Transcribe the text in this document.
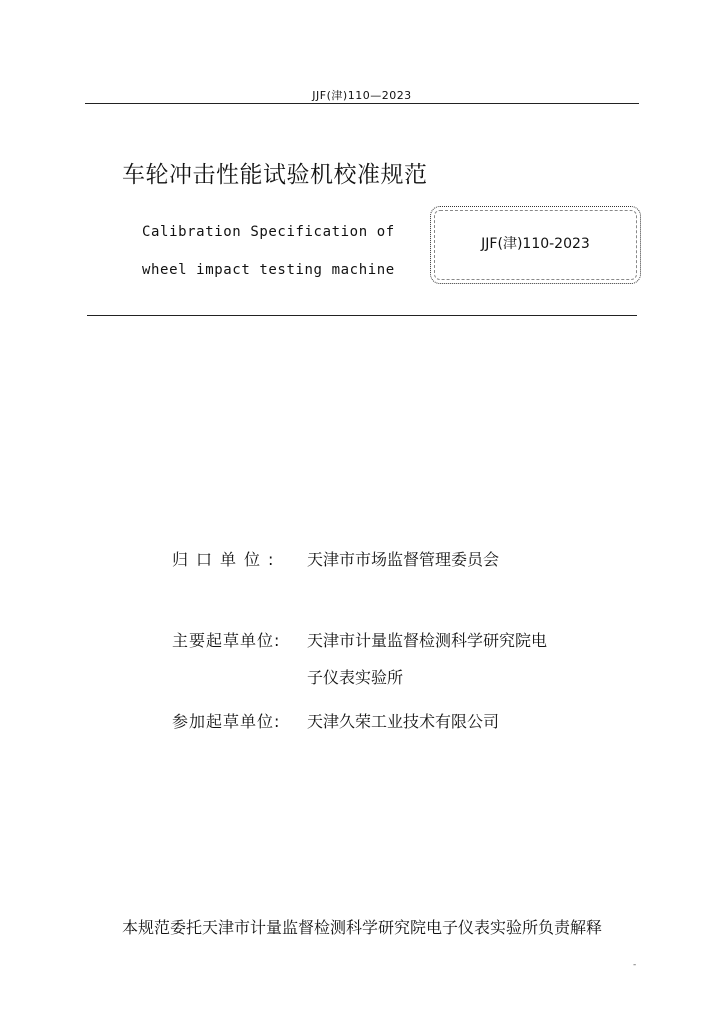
JJF(津)110—2023
车轮冲击性能试验机校准规范
Calibration Specification of
wheel impact testing machine
JJF(津)110-2023
归口单位: 天津市市场监督管理委员会
主要起草单位: 天津市计量监督检测科学研究院电
子仪表实验所
参加起草单位: 天津久荣工业技术有限公司
本规范委托天津市计量监督检测科学研究院电子仪表实验所负责解释
-
